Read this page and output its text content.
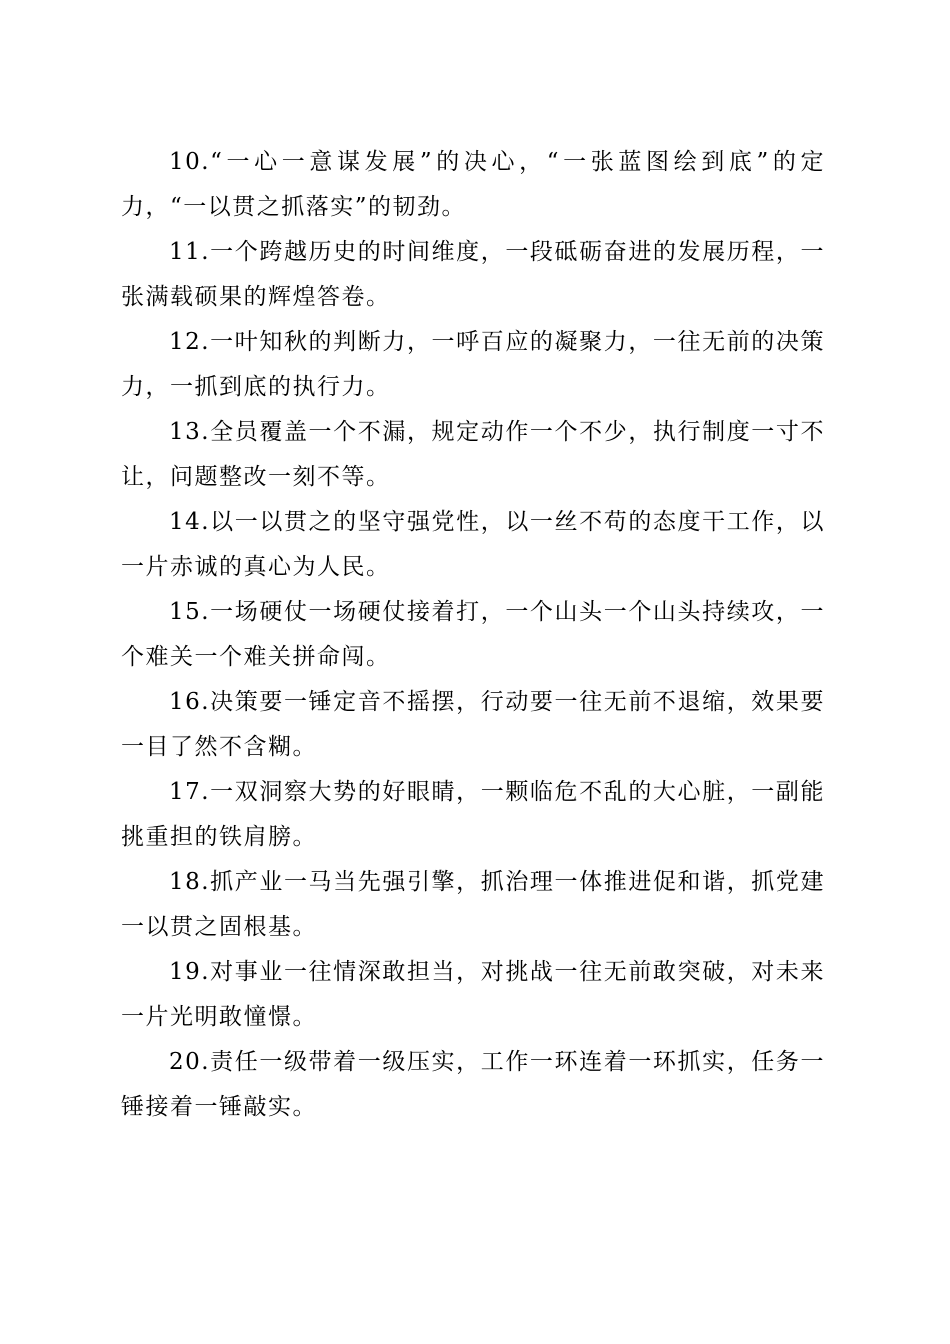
10.“一心一意谋发展”的决心，“一张蓝图绘到底”的定力，“一以贯之抓落实”的韧劲。

11.一个跨越历史的时间维度，一段砥砺奋进的发展历程，一张满载硕果的辉煌答卷。

12.一叶知秋的判断力，一呼百应的凝聚力，一往无前的决策力，一抓到底的执行力。

13.全员覆盖一个不漏，规定动作一个不少，执行制度一寸不让，问题整改一刻不等。

14.以一以贯之的坚守强党性，以一丝不苟的态度干工作，以一片赤诚的真心为人民。

15.一场硬仗一场硬仗接着打，一个山头一个山头持续攻，一个难关一个难关拼命闯。

16.决策要一锤定音不摇摆，行动要一往无前不退缩，效果要一目了然不含糊。

17.一双洞察大势的好眼睛，一颗临危不乱的大心脏，一副能挑重担的铁肩膀。

18.抓产业一马当先强引擎，抓治理一体推进促和谐，抓党建一以贯之固根基。

19.对事业一往情深敢担当，对挑战一往无前敢突破，对未来一片光明敢憧憬。

20.责任一级带着一级压实，工作一环连着一环抓实，任务一锤接着一锤敲实。
